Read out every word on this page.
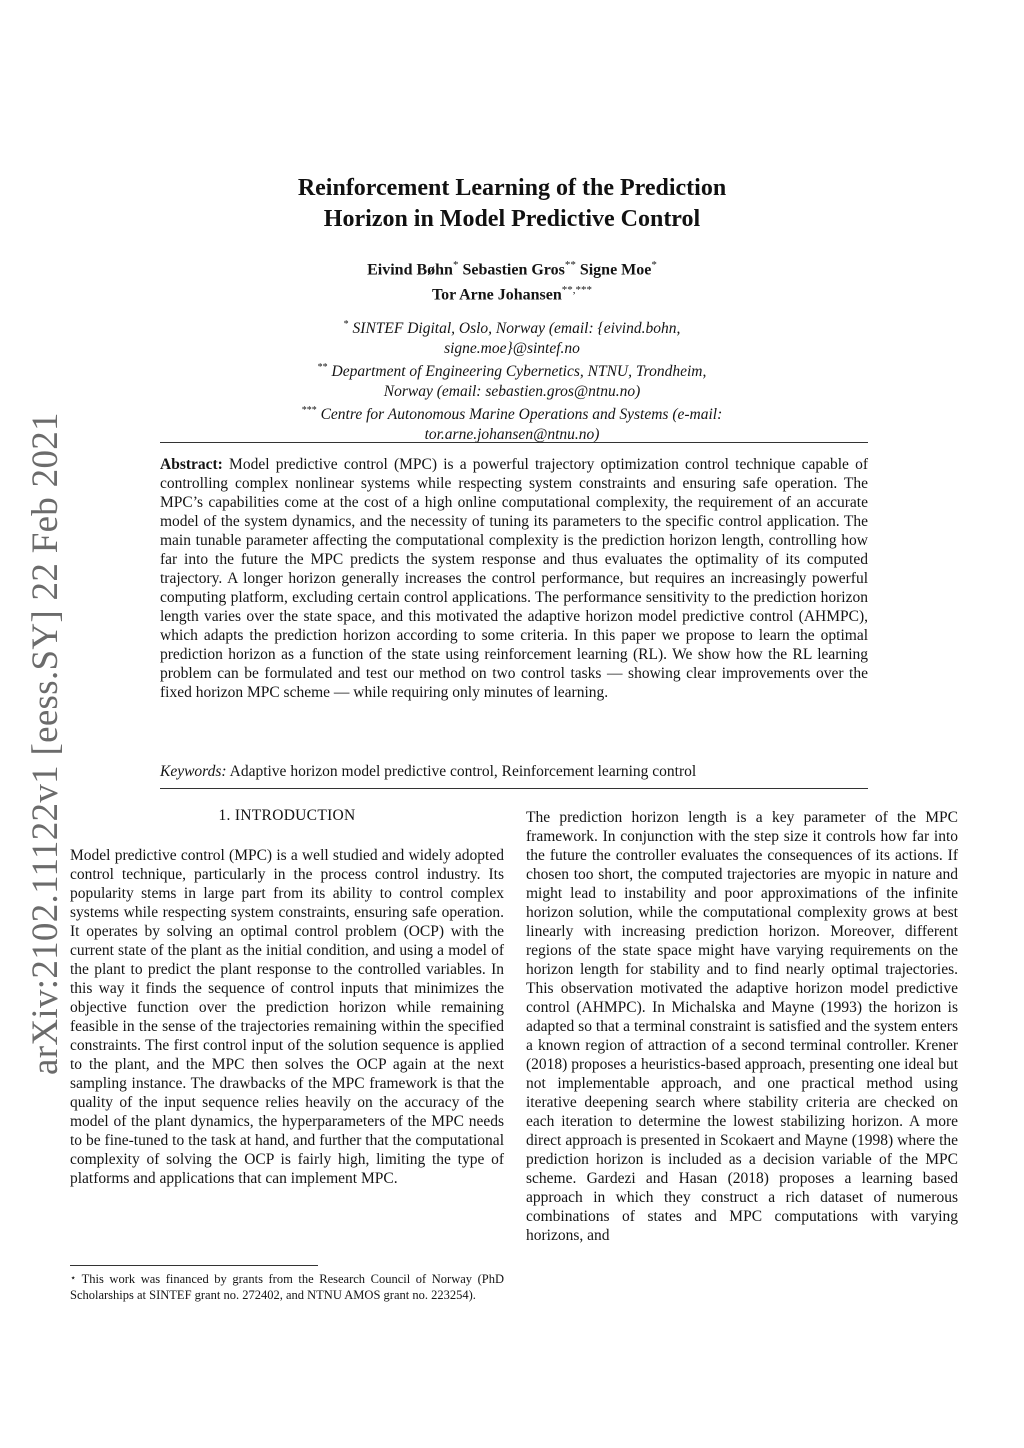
arXiv:2102.11122v1 [eess.SY] 22 Feb 2021
Reinforcement Learning of the Prediction
Horizon in Model Predictive Control
Eivind Bøhn* Sebastien Gros** Signe Moe*
Tor Arne Johansen**,***
* SINTEF Digital, Oslo, Norway (email: {eivind.bohn,
signe.moe}@sintef.no
** Department of Engineering Cybernetics, NTNU, Trondheim,
Norway (email: sebastien.gros@ntnu.no)
*** Centre for Autonomous Marine Operations and Systems (e-mail:
tor.arne.johansen@ntnu.no)
Abstract: Model predictive control (MPC) is a powerful trajectory optimization control technique capable of controlling complex nonlinear systems while respecting system constraints and ensuring safe operation. The MPC’s capabilities come at the cost of a high online computational complexity, the requirement of an accurate model of the system dynamics, and the necessity of tuning its parameters to the specific control application. The main tunable parameter affecting the computational complexity is the prediction horizon length, controlling how far into the future the MPC predicts the system response and thus evaluates the optimality of its computed trajectory. A longer horizon generally increases the control performance, but requires an increasingly powerful computing platform, excluding certain control applications. The performance sensitivity to the prediction horizon length varies over the state space, and this motivated the adaptive horizon model predictive control (AHMPC), which adapts the prediction horizon according to some criteria. In this paper we propose to learn the optimal prediction horizon as a function of the state using reinforcement learning (RL). We show how the RL learning problem can be formulated and test our method on two control tasks — showing clear improvements over the fixed horizon MPC scheme — while requiring only minutes of learning.
Keywords: Adaptive horizon model predictive control, Reinforcement learning control
1. INTRODUCTION

Model predictive control (MPC) is a well studied and widely adopted control technique, particularly in the process control industry. Its popularity stems in large part from its ability to control complex systems while respecting system constraints, ensuring safe operation. It operates by solving an optimal control problem (OCP) with the current state of the plant as the initial condition, and using a model of the plant to predict the plant response to the controlled variables. In this way it finds the sequence of control inputs that minimizes the objective function over the prediction horizon while remaining feasible in the sense of the trajectories remaining within the specified constraints. The first control input of the solution sequence is applied to the plant, and the MPC then solves the OCP again at the next sampling instance. The drawbacks of the MPC framework is that the quality of the input sequence relies heavily on the accuracy of the model of the plant dynamics, the hyperparameters of the MPC needs to be fine-tuned to the task at hand, and further that the computational complexity of solving the OCP is fairly high, limiting the type of platforms and applications that can implement MPC.

The prediction horizon length is a key parameter of the MPC framework. In conjunction with the step size it controls how far into the future the controller evaluates the consequences of its actions. If chosen too short, the computed trajectories are myopic in nature and might lead to instability and poor approximations of the infinite horizon solution, while the computational complexity grows at best linearly with increasing prediction horizon. Moreover, different regions of the state space might have varying requirements on the horizon length for stability and to find nearly optimal trajectories. This observation motivated the adaptive horizon model predictive control (AHMPC). In Michalska and Mayne (1993) the horizon is adapted so that a terminal constraint is satisfied and the system enters a known region of attraction of a second terminal controller. Krener (2018) proposes a heuristics-based approach, presenting one ideal but not implementable approach, and one practical method using iterative deepening search where stability criteria are checked on each iteration to determine the lowest stabilizing horizon. A more direct approach is presented in Scokaert and Mayne (1998) where the prediction horizon is included as a decision variable of the MPC scheme. Gardezi and Hasan (2018) proposes a learning based approach in which they construct a rich dataset of numerous combinations of states and MPC computations with varying horizons, and

⋆ This work was financed by grants from the Research Council of Norway (PhD Scholarships at SINTEF grant no. 272402, and NTNU AMOS grant no. 223254).
